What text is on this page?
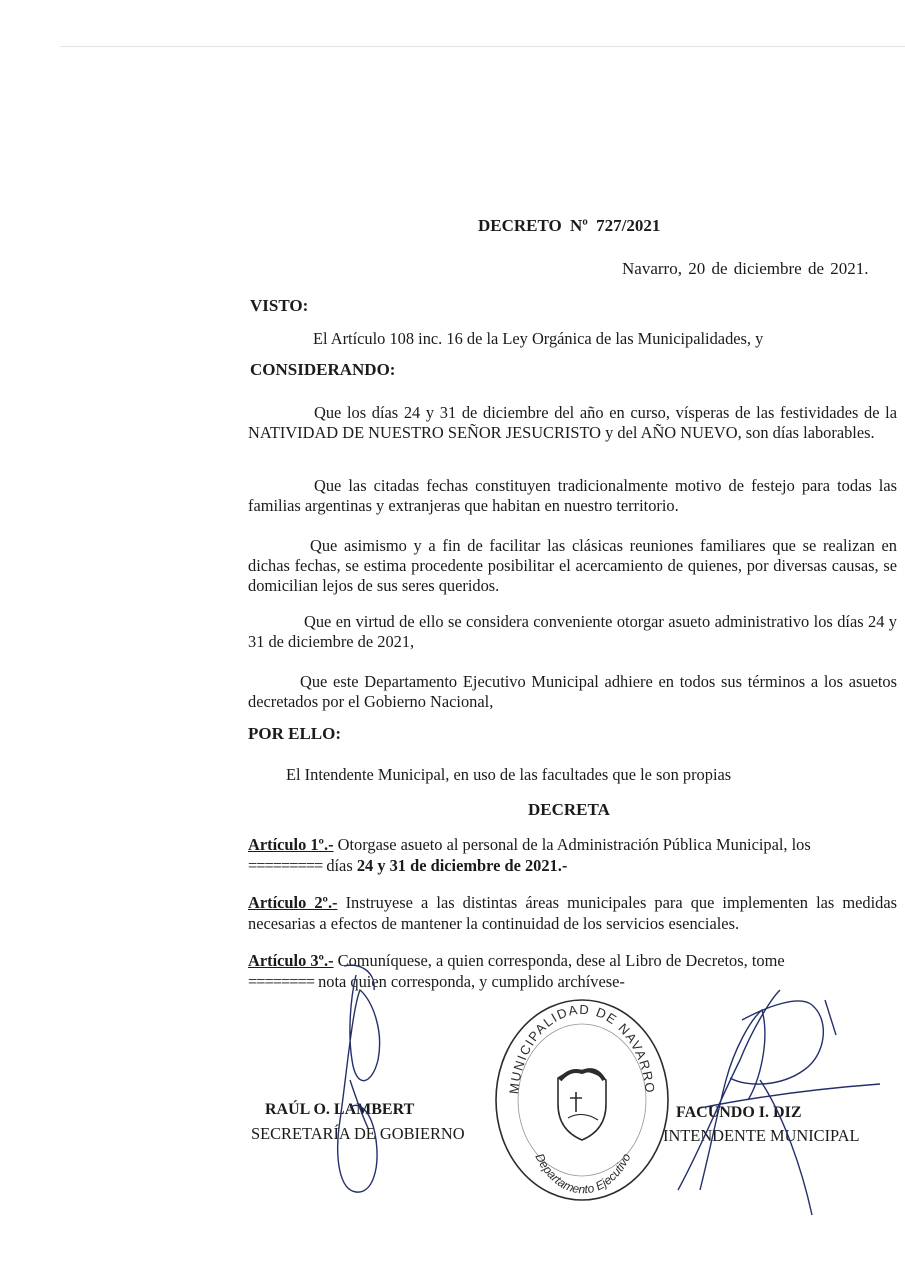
DECRETO Nº 727/2021
Navarro, 20 de diciembre de 2021.
VISTO:
El Artículo 108 inc. 16 de la Ley Orgánica de las Municipalidades, y
CONSIDERANDO:
Que los días 24 y 31 de diciembre del año en curso, vísperas de las festividades de la NATIVIDAD DE NUESTRO SEÑOR JESUCRISTO y del AÑO NUEVO, son días laborables.
Que las citadas fechas constituyen tradicionalmente motivo de festejo para todas las familias argentinas y extranjeras que habitan en nuestro territorio.
Que asimismo y a fin de facilitar las clásicas reuniones familiares que se realizan en dichas fechas, se estima procedente posibilitar el acercamiento de quienes, por diversas causas, se domicilian lejos de sus seres queridos.
Que en virtud de ello se considera conveniente otorgar asueto administrativo los días 24 y 31 de diciembre de 2021,
Que este Departamento Ejecutivo Municipal adhiere en todos sus términos a los asuetos decretados por el Gobierno Nacional,
POR ELLO:
El Intendente Municipal, en uso de las facultades que le son propias
DECRETA
Artículo 1º.- Otorgase asueto al personal de la Administración Pública Municipal, los
========= días 24 y 31 de diciembre de 2021.-
Artículo 2º.- Instruyese a las distintas áreas municipales para que implementen las medidas necesarias a efectos de mantener la continuidad de los servicios esenciales.
Artículo 3º.- Comuníquese, a quien corresponda, dese al Libro de Decretos, tome
======== nota quien corresponda, y cumplido archívese-
RAÚL O. LAMBERT
SECRETARÍA DE GOBIERNO
FACUNDO I. DIZ
INTENDENTE MUNICIPAL
MUNICIPALIDAD DE NAVARRO
Departamento Ejecutivo
